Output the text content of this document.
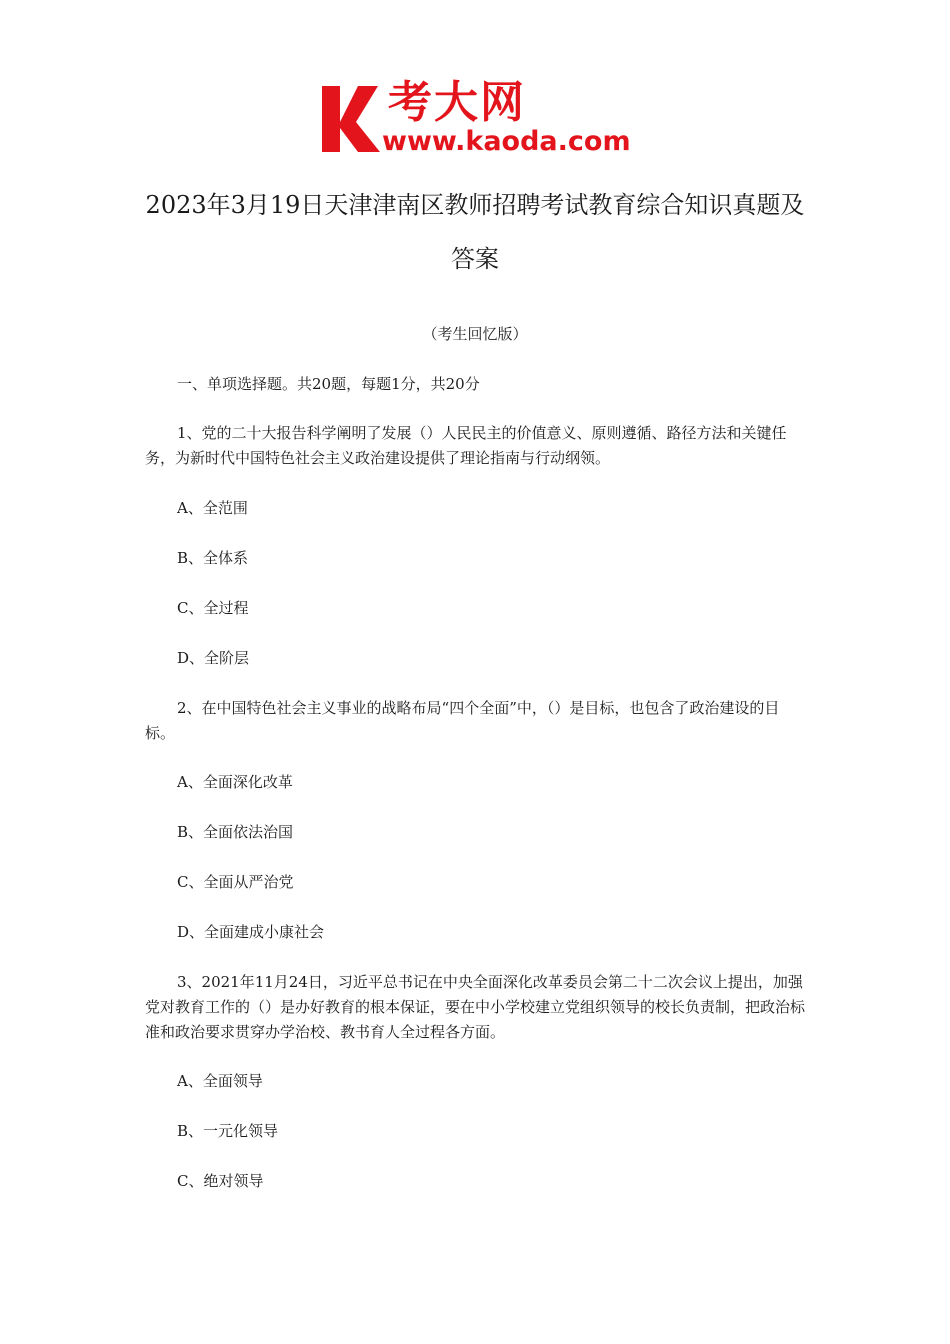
考大网
www.kaoda.com
2023年3月19日天津津南区教师招聘考试教育综合知识真题及答案
（考生回忆版）
一、单项选择题。共20题，每题1分，共20分
1、党的二十大报告科学阐明了发展（）人民民主的价值意义、原则遵循、路径方法和关键任务，为新时代中国特色社会主义政治建设提供了理论指南与行动纲领。
A、全范围
B、全体系
C、全过程
D、全阶层
2、在中国特色社会主义事业的战略布局“四个全面”中，（）是目标，也包含了政治建设的目标。
A、全面深化改革
B、全面依法治国
C、全面从严治党
D、全面建成小康社会
3、2021年11月24日，习近平总书记在中央全面深化改革委员会第二十二次会议上提出，加强党对教育工作的（）是办好教育的根本保证，要在中小学校建立党组织领导的校长负责制，把政治标准和政治要求贯穿办学治校、教书育人全过程各方面。
A、全面领导
B、一元化领导
C、绝对领导
